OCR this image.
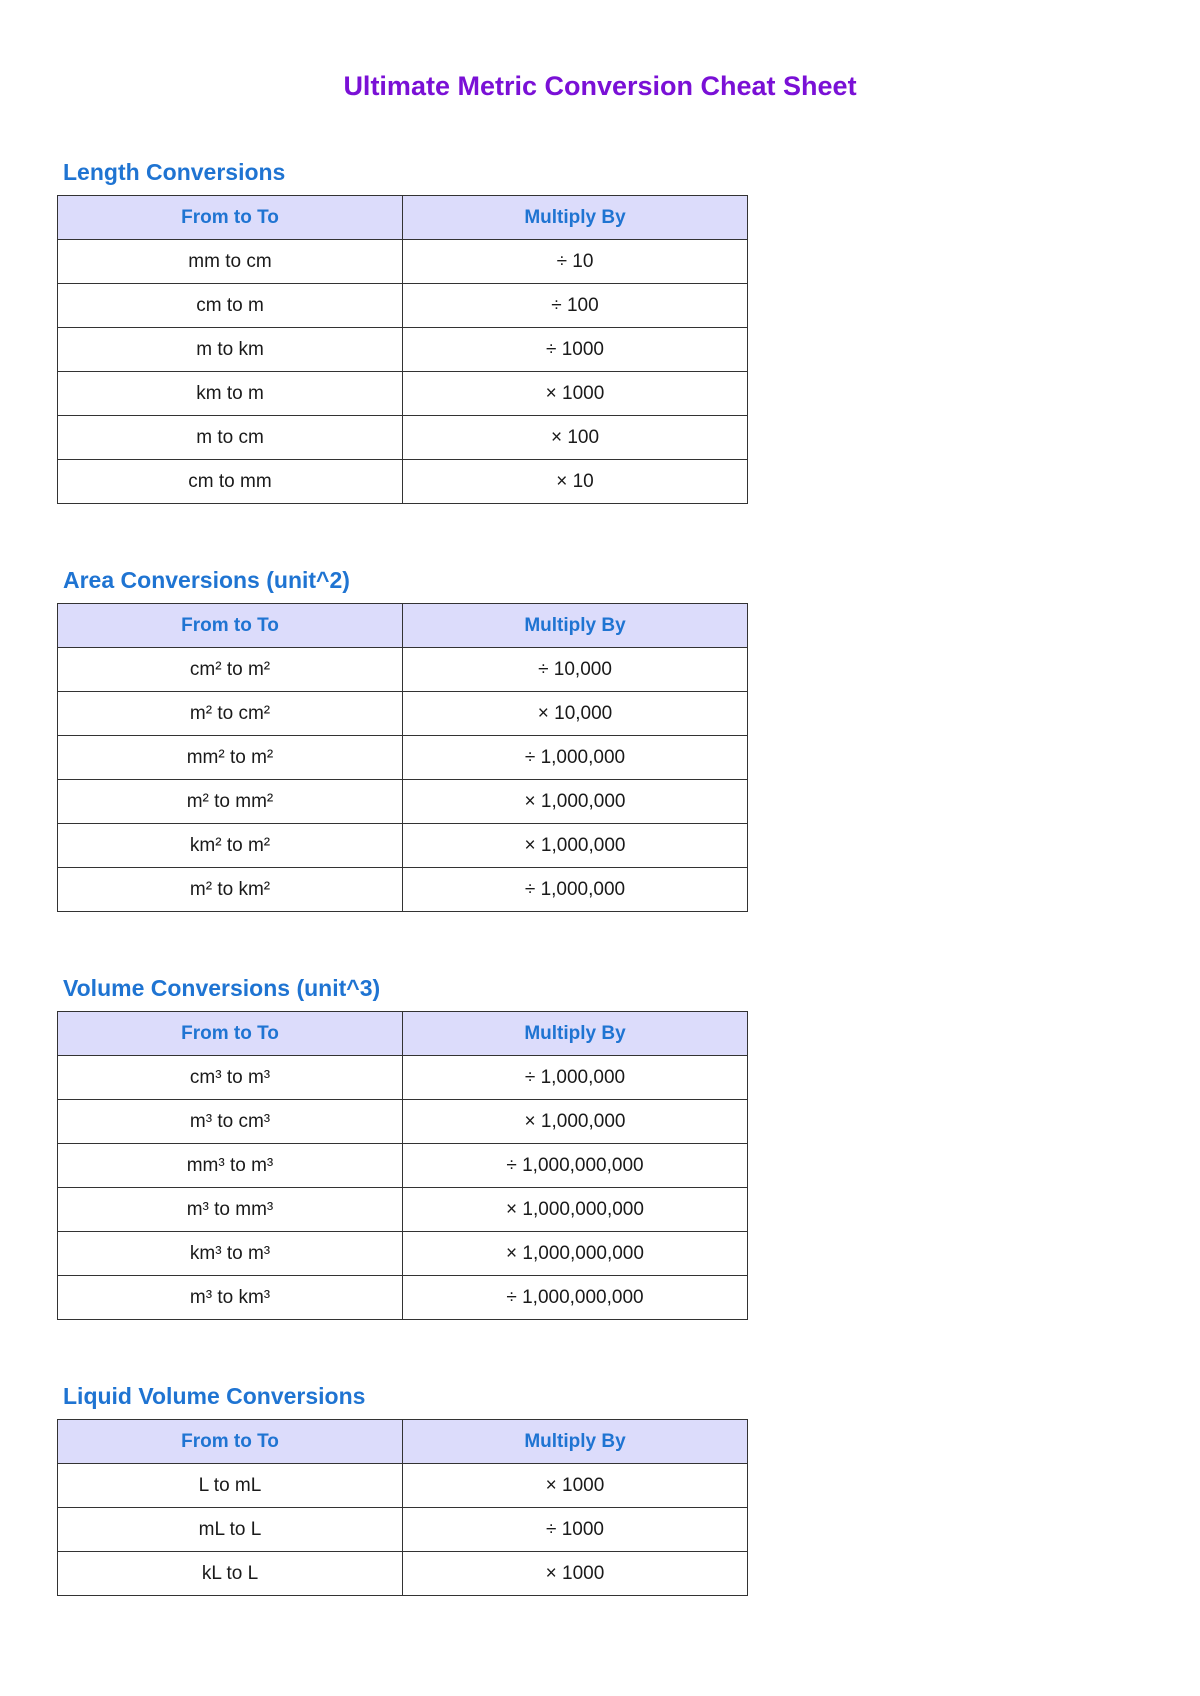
Ultimate Metric Conversion Cheat Sheet
Length Conversions
From to To	Multiply By
mm to cm	÷ 10
cm to m	÷ 100
m to km	÷ 1000
km to m	× 1000
m to cm	× 100
cm to mm	× 10
Area Conversions (unit^2)
From to To	Multiply By
cm² to m²	÷ 10,000
m² to cm²	× 10,000
mm² to m²	÷ 1,000,000
m² to mm²	× 1,000,000
km² to m²	× 1,000,000
m² to km²	÷ 1,000,000
Volume Conversions (unit^3)
From to To	Multiply By
cm³ to m³	÷ 1,000,000
m³ to cm³	× 1,000,000
mm³ to m³	÷ 1,000,000,000
m³ to mm³	× 1,000,000,000
km³ to m³	× 1,000,000,000
m³ to km³	÷ 1,000,000,000
Liquid Volume Conversions
From to To	Multiply By
L to mL	× 1000
mL to L	÷ 1000
kL to L	× 1000
